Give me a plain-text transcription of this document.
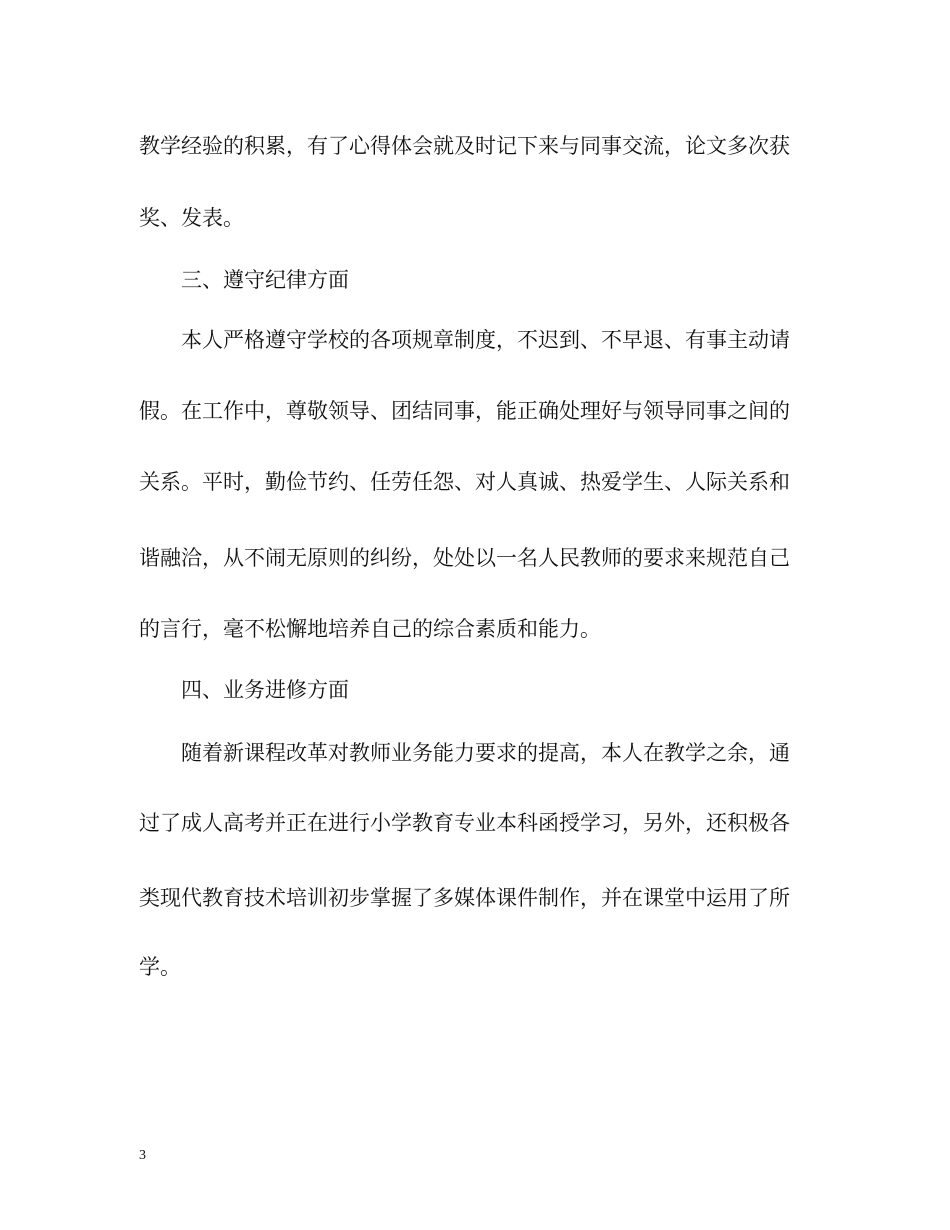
教学经验的积累，有了心得体会就及时记下来与同事交流，论文多次获
奖、发表。
三、遵守纪律方面
本人严格遵守学校的各项规章制度，不迟到、不早退、有事主动请
假。在工作中，尊敬领导、团结同事，能正确处理好与领导同事之间的
关系。平时，勤俭节约、任劳任怨、对人真诚、热爱学生、人际关系和
谐融洽，从不闹无原则的纠纷，处处以一名人民教师的要求来规范自己
的言行，毫不松懈地培养自己的综合素质和能力。
四、业务进修方面
随着新课程改革对教师业务能力要求的提高，本人在教学之余，通
过了成人高考并正在进行小学教育专业本科函授学习，另外，还积极各
类现代教育技术培训初步掌握了多媒体课件制作，并在课堂中运用了所
学。
3
